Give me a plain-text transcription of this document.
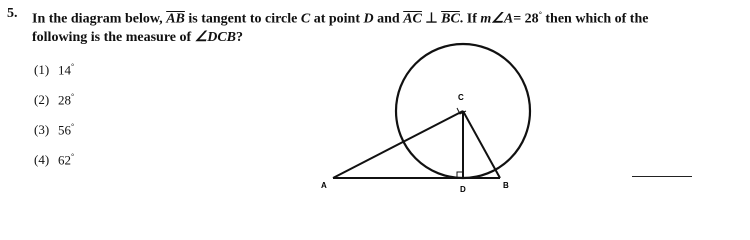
5. In the diagram below, $\overline{AB}$ is tangent to circle C at point D and $\overline{AC}$ ⊥ $\overline{BC}$. If m∠A= 28° then which of the
following is the measure of ∠DCB?
(1) 14°
(2) 28°
(3) 56°
(4) 62°
C
A	D	B
